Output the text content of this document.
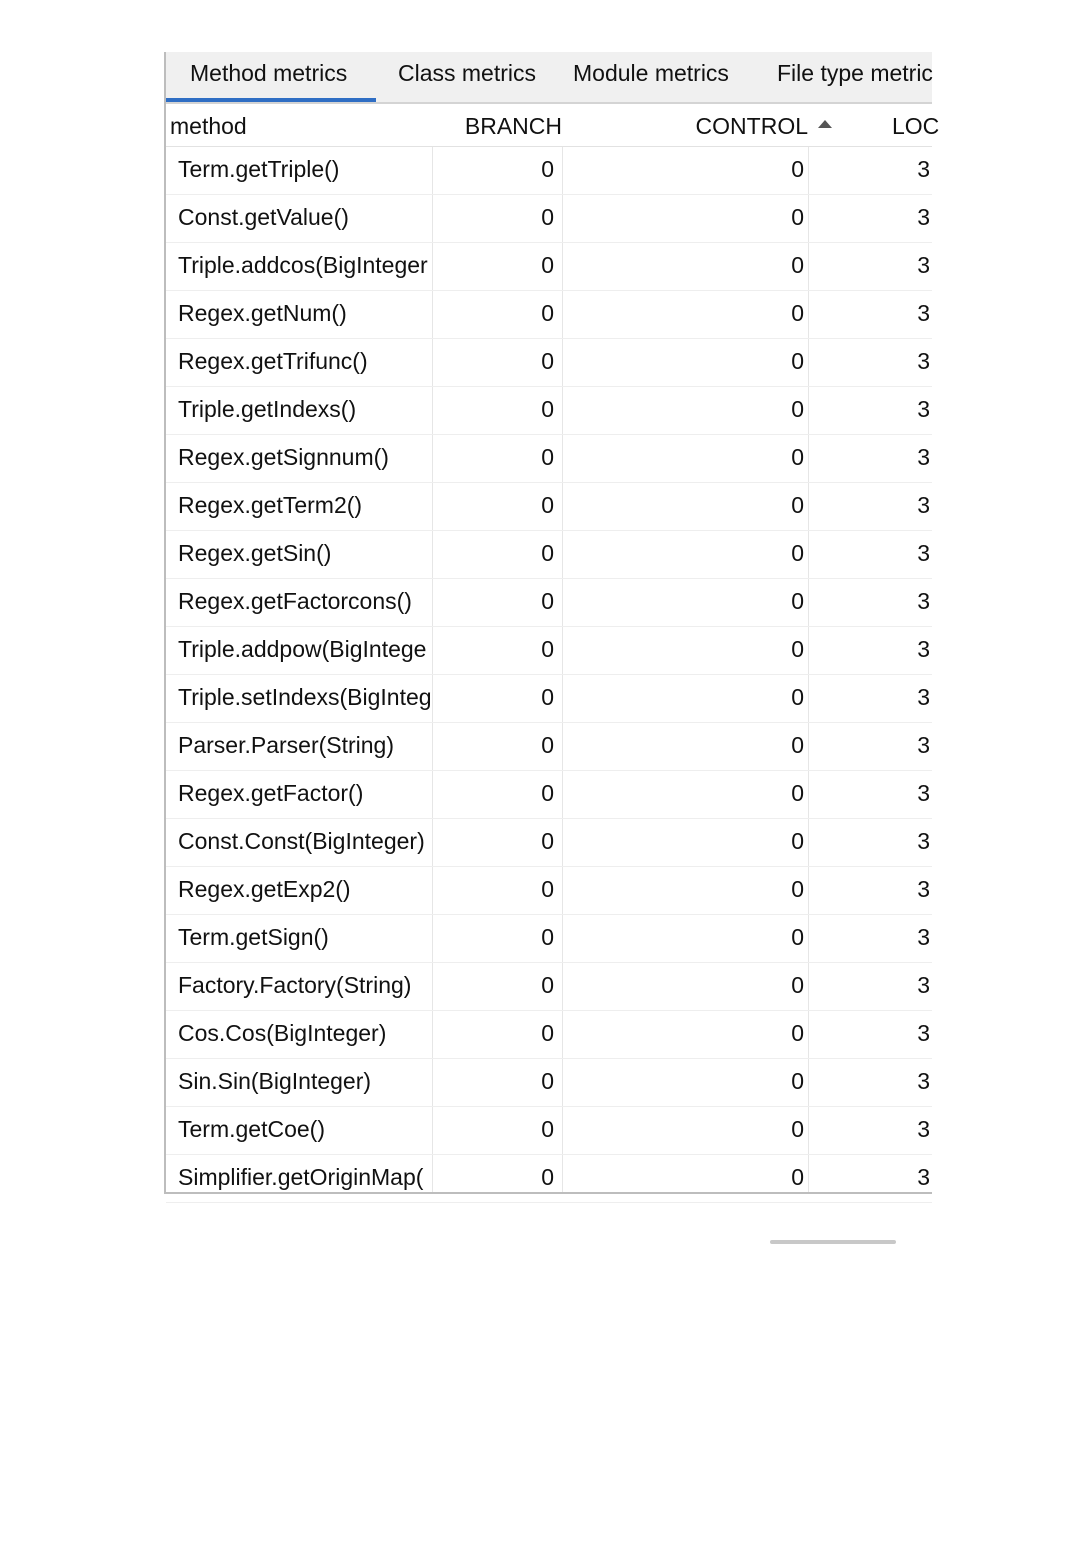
Method metrics	Class metrics	Module metrics	File type metric
method	BRANCH	CONTROL	LOC
Term.getTriple()	0	0	3
Const.getValue()	0	0	3
Triple.addcos(BigInteger	0	0	3
Regex.getNum()	0	0	3
Regex.getTrifunc()	0	0	3
Triple.getIndexs()	0	0	3
Regex.getSignnum()	0	0	3
Regex.getTerm2()	0	0	3
Regex.getSin()	0	0	3
Regex.getFactorcons()	0	0	3
Triple.addpow(BigIntege	0	0	3
Triple.setIndexs(BigInteg	0	0	3
Parser.Parser(String)	0	0	3
Regex.getFactor()	0	0	3
Const.Const(BigInteger)	0	0	3
Regex.getExp2()	0	0	3
Term.getSign()	0	0	3
Factory.Factory(String)	0	0	3
Cos.Cos(BigInteger)	0	0	3
Sin.Sin(BigInteger)	0	0	3
Term.getCoe()	0	0	3
Simplifier.getOriginMap(	0	0	3
